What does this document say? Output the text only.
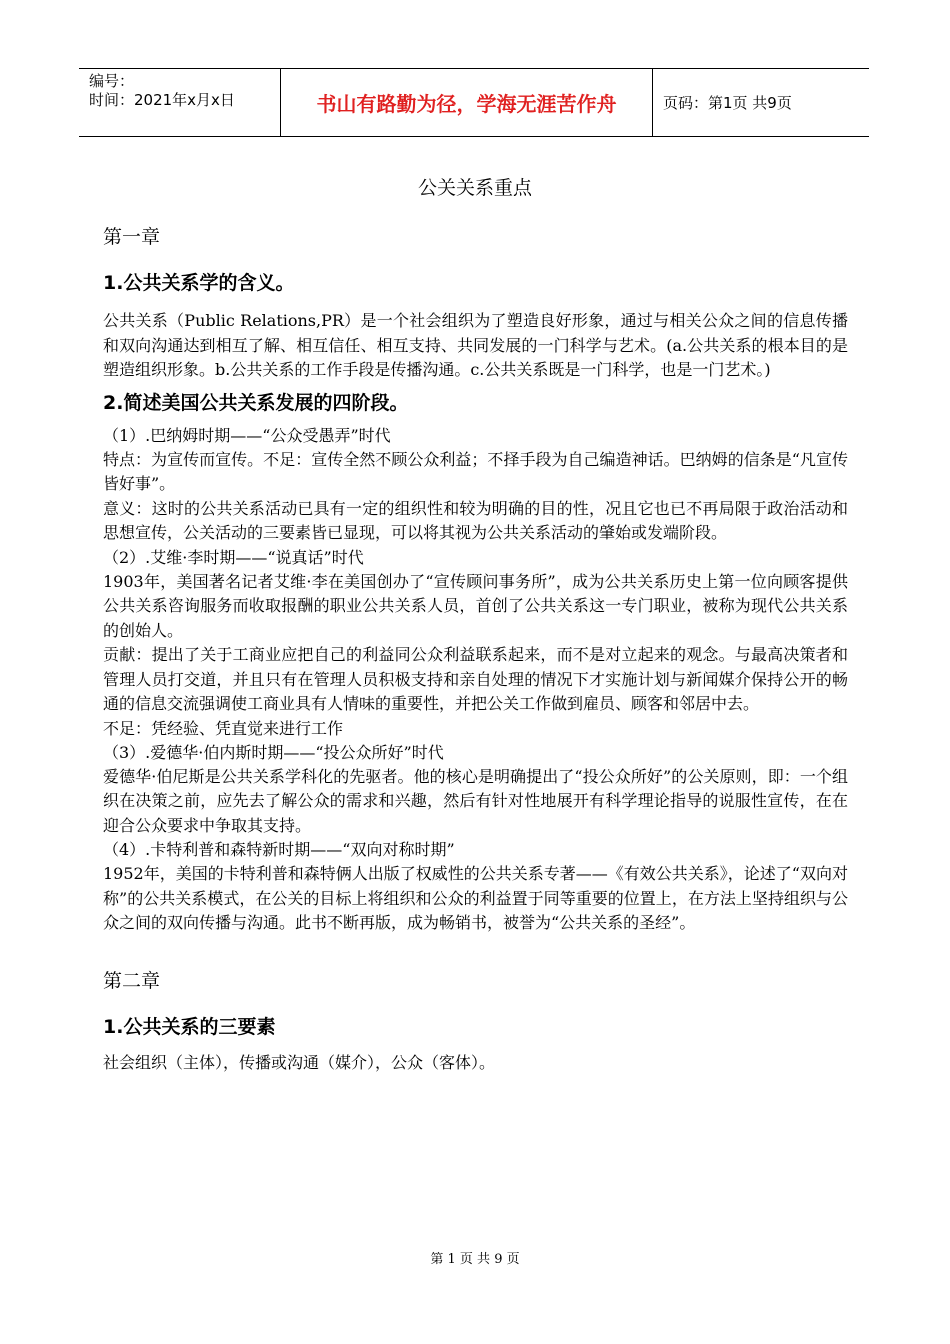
编号：
时间：2021年x月x日	书山有路勤为径，学海无涯苦作舟	页码：第1页 共9页
公关关系重点

第一章

1.公共关系学的含义。

公共关系（Public Relations,PR）是一个社会组织为了塑造良好形象，通过与相关公众之间的信息传播和双向沟通达到相互了解、相互信任、相互支持、共同发展的一门科学与艺术。(a.公共关系的根本目的是塑造组织形象。b.公共关系的工作手段是传播沟通。c.公共关系既是一门科学，也是一门艺术。)

2.简述美国公共关系发展的四阶段。

（1）.巴纳姆时期——“公众受愚弄”时代

特点：为宣传而宣传。不足：宣传全然不顾公众利益；不择手段为自己编造神话。巴纳姆的信条是“凡宣传皆好事”。

意义：这时的公共关系活动已具有一定的组织性和较为明确的目的性，况且它也已不再局限于政治活动和思想宣传，公关活动的三要素皆已显现，可以将其视为公共关系活动的肇始或发端阶段。

（2）.艾维·李时期——“说真话”时代

1903年，美国著名记者艾维·李在美国创办了“宣传顾问事务所”，成为公共关系历史上第一位向顾客提供公共关系咨询服务而收取报酬的职业公共关系人员，首创了公共关系这一专门职业，被称为现代公共关系的创始人。

贡献：提出了关于工商业应把自己的利益同公众利益联系起来，而不是对立起来的观念。与最高决策者和管理人员打交道，并且只有在管理人员积极支持和亲自处理的情况下才实施计划与新闻媒介保持公开的畅通的信息交流强调使工商业具有人情味的重要性，并把公关工作做到雇员、顾客和邻居中去。

不足：凭经验、凭直觉来进行工作

（3）.爱德华·伯内斯时期——“投公众所好”时代

爱德华·伯尼斯是公共关系学科化的先驱者。他的核心是明确提出了“投公众所好”的公关原则，即：一个组织在决策之前，应先去了解公众的需求和兴趣，然后有针对性地展开有科学理论指导的说服性宣传，在在迎合公众要求中争取其支持。

（4）.卡特利普和森特新时期——“双向对称时期”

1952年，美国的卡特利普和森特俩人出版了权威性的公共关系专著——《有效公共关系》，论述了“双向对称”的公共关系模式，在公关的目标上将组织和公众的利益置于同等重要的位置上，在方法上坚持组织与公众之间的双向传播与沟通。此书不断再版，成为畅销书，被誉为“公共关系的圣经”。

第二章

1.公共关系的三要素

社会组织（主体），传播或沟通（媒介），公众（客体）。

第 1 页 共 9 页
